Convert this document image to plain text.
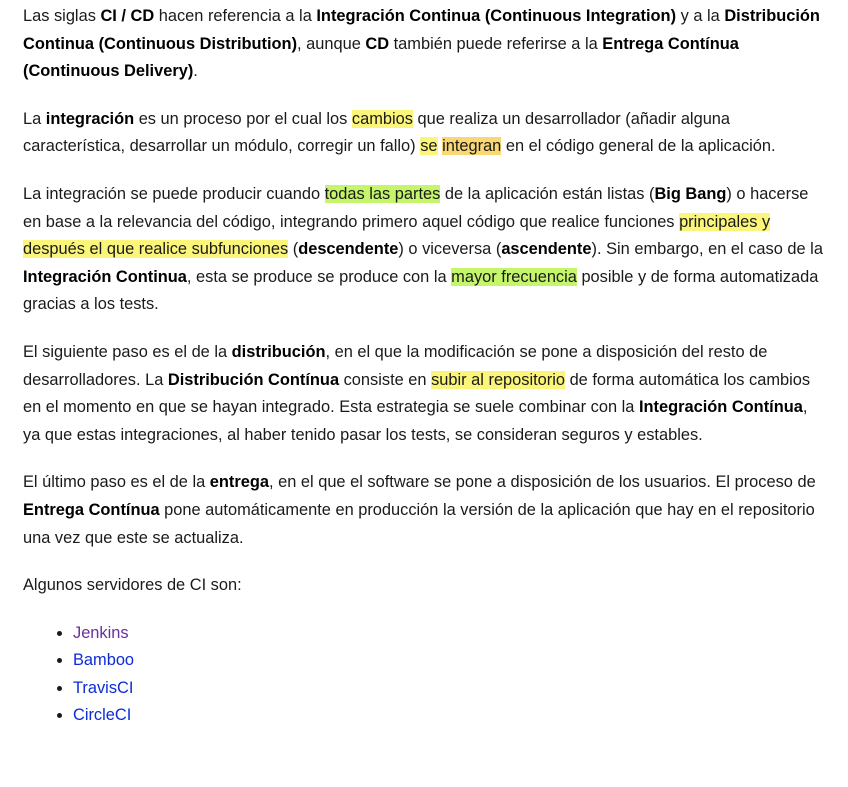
Las siglas CI / CD hacen referencia a la Integración Continua (Continuous Integration) y a la Distribución Continua (Continuous Distribution), aunque CD también puede referirse a la Entrega Contínua (Continuous Delivery).

La integración es un proceso por el cual los cambios que realiza un desarrollador (añadir alguna característica, desarrollar un módulo, corregir un fallo) se integran en el código general de la aplicación.

La integración se puede producir cuando todas las partes de la aplicación están listas (Big Bang) o hacerse en base a la relevancia del código, integrando primero aquel código que realice funciones principales y después el que realice subfunciones (descendente) o viceversa (ascendente). Sin embargo, en el caso de la Integración Continua, esta se produce se produce con la mayor frecuencia posible y de forma automatizada gracias a los tests.

El siguiente paso es el de la distribución, en el que la modificación se pone a disposición del resto de desarrolladores. La Distribución Contínua consiste en subir al repositorio de forma automática los cambios en el momento en que se hayan integrado. Esta estrategia se suele combinar con la Integración Contínua, ya que estas integraciones, al haber tenido pasar los tests, se consideran seguros y estables.

El último paso es el de la entrega, en el que el software se pone a disposición de los usuarios. El proceso de Entrega Contínua pone automáticamente en producción la versión de la aplicación que hay en el repositorio una vez que este se actualiza.

Algunos servidores de CI son:

• Jenkins
• Bamboo
• TravisCI
• CircleCI
